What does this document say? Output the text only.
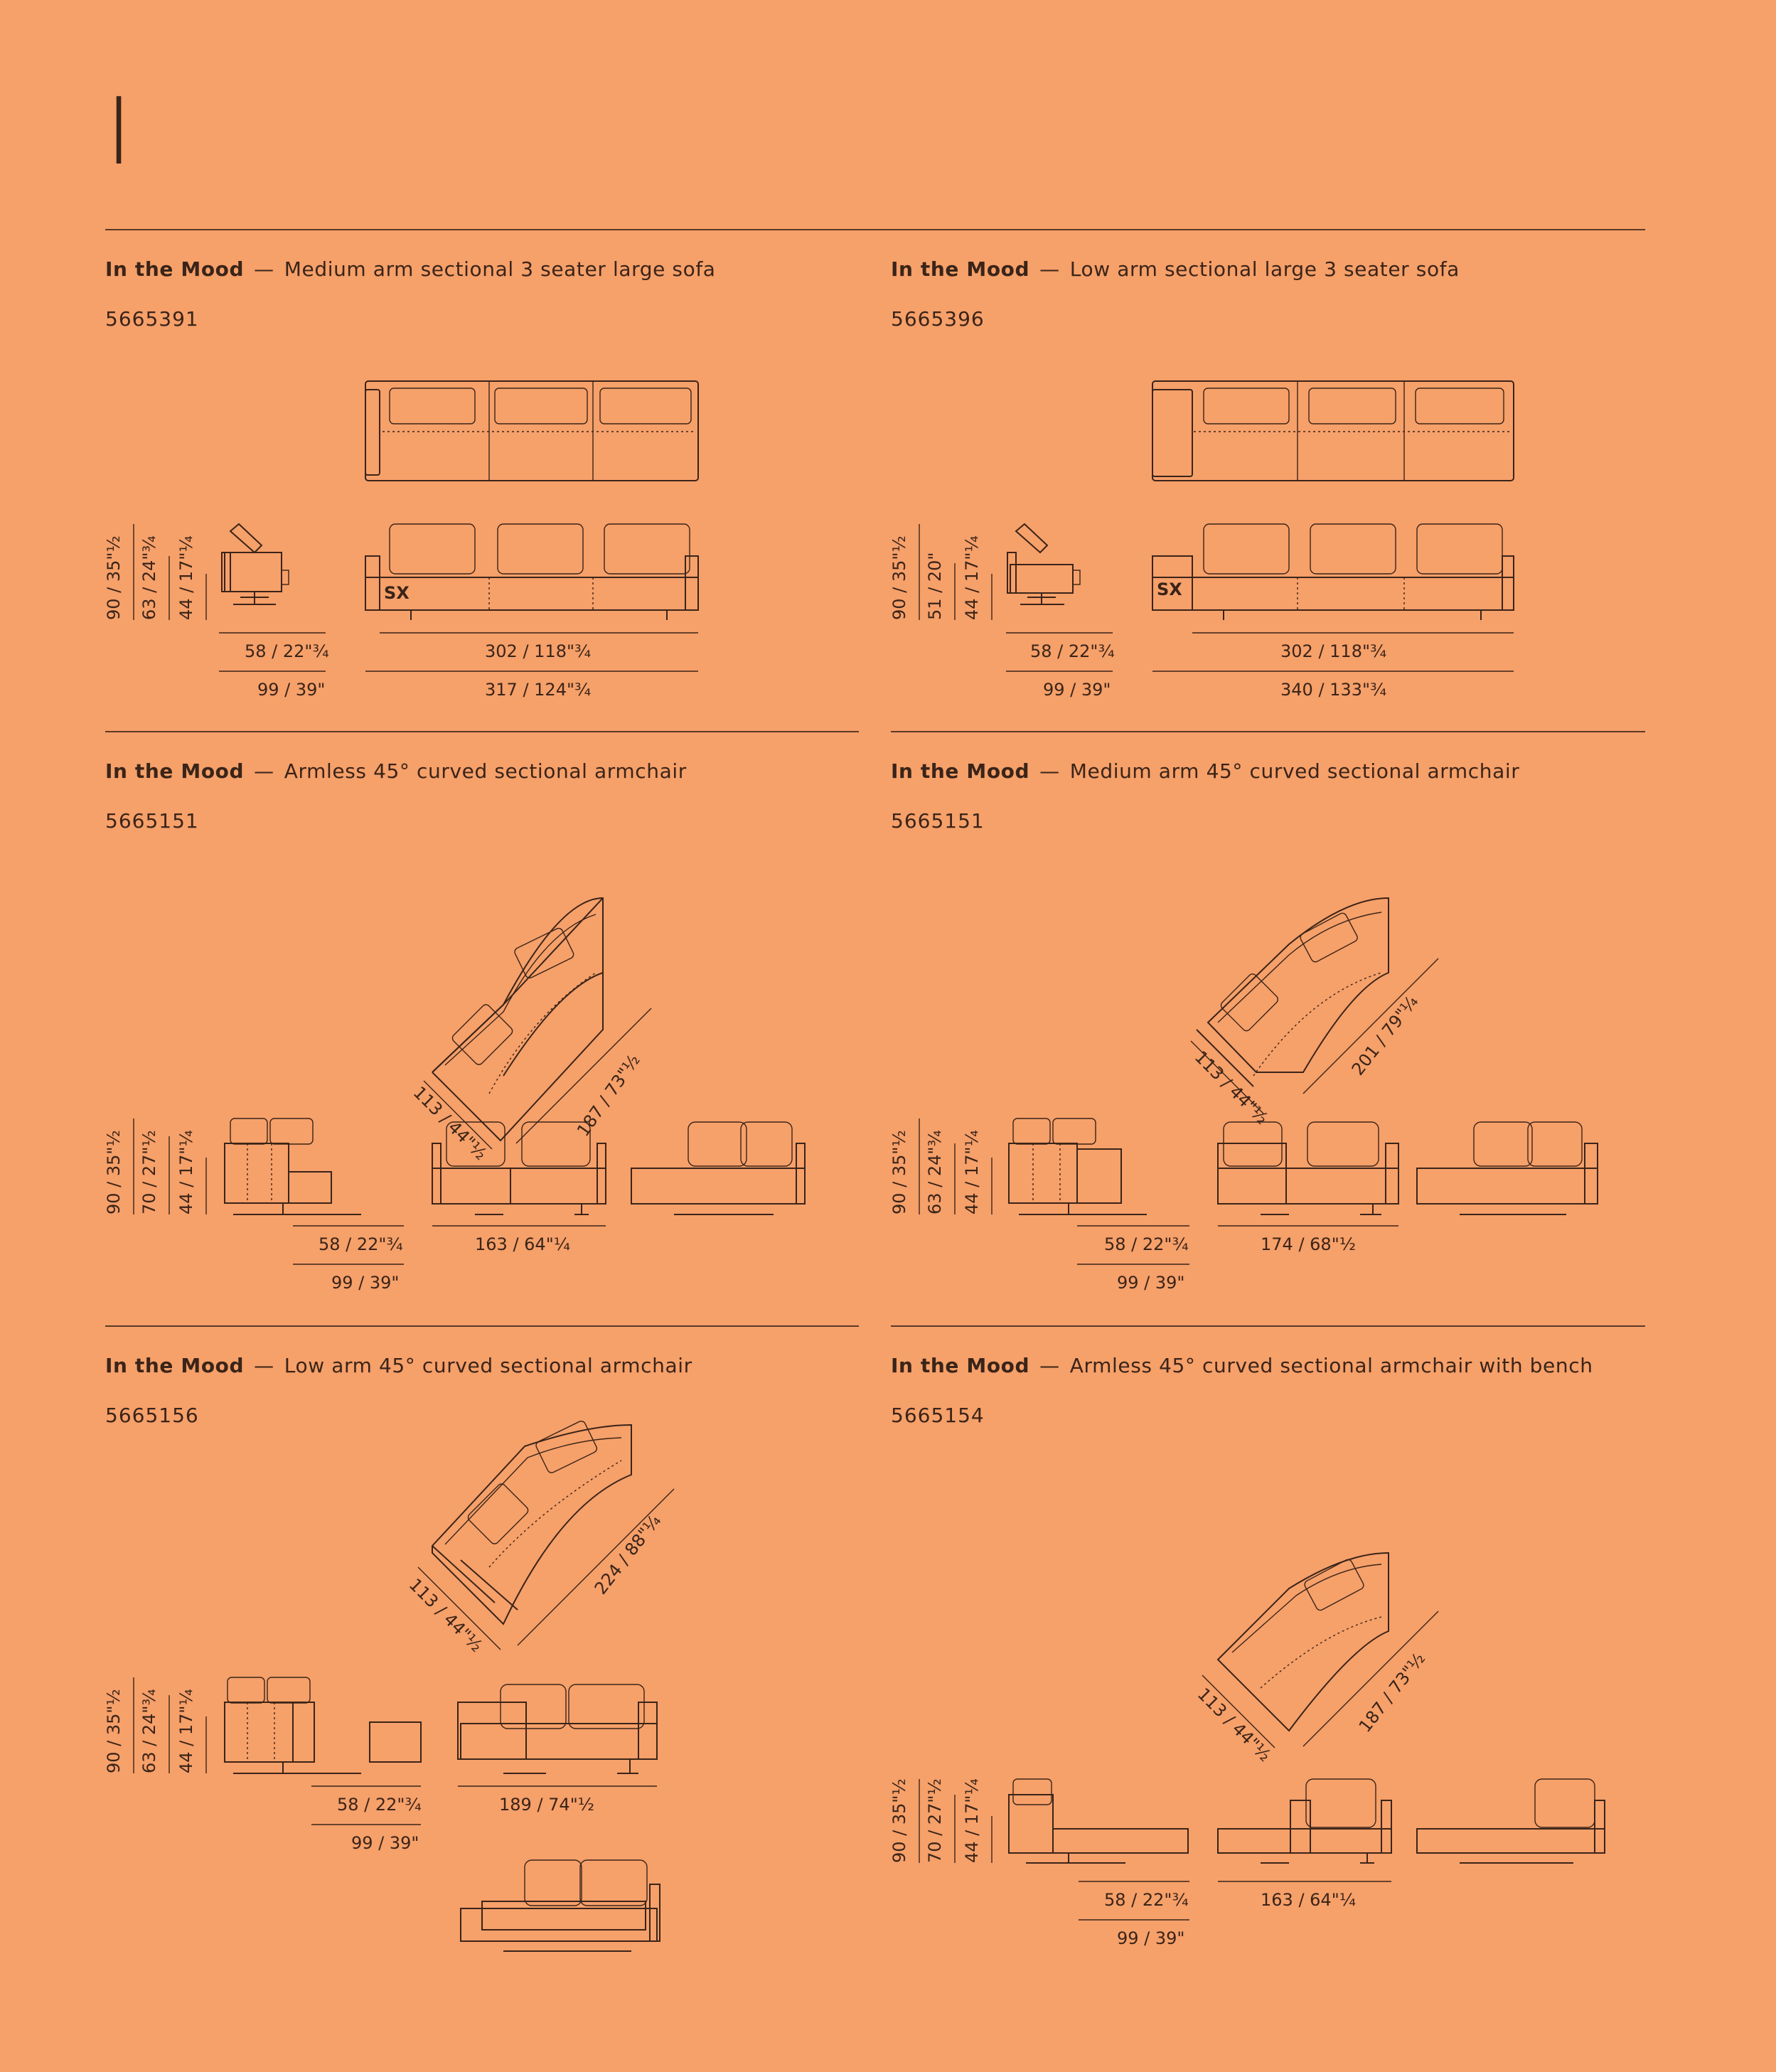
I
In the Mood — Medium arm sectional 3 seater large sofa
5665391
SX
90 / 35"½ 63 / 24"¾ 44 / 17"¼
58 / 22"¾
99 / 39"
302 / 118"¾
317 / 124"¾
In the Mood — Low arm sectional large 3 seater sofa
5665396
SX
90 / 35"½ 51 / 20" 44 / 17"¼
58 / 22"¾
99 / 39"
302 / 118"¾
340 / 133"¾
In the Mood — Armless 45° curved sectional armchair
5665151
113 / 44"½	187 / 73"½
90 / 35"½ 70 / 27"½ 44 / 17"¼
58 / 22"¾
99 / 39"
163 / 64"¼
In the Mood — Medium arm 45° curved sectional armchair
5665151
113 / 44"½
201 / 79"¼
90 / 35"½ 63 / 24"¾ 44 / 17"¼
58 / 22"¾
99 / 39"
174 / 68"½
In the Mood — Low arm 45° curved sectional armchair
5665156
113 / 44"½
224 / 88"¼
90 / 35"½ 63 / 24"¾ 44 / 17"¼
58 / 22"¾
99 / 39"
189 / 74"½
In the Mood — Armless 45° curved sectional armchair with bench
5665154
113 / 44"½	187 / 73"½
90 / 35"½ 70 / 27"½ 44 / 17"¼
58 / 22"¾
99 / 39"
163 / 64"¼
